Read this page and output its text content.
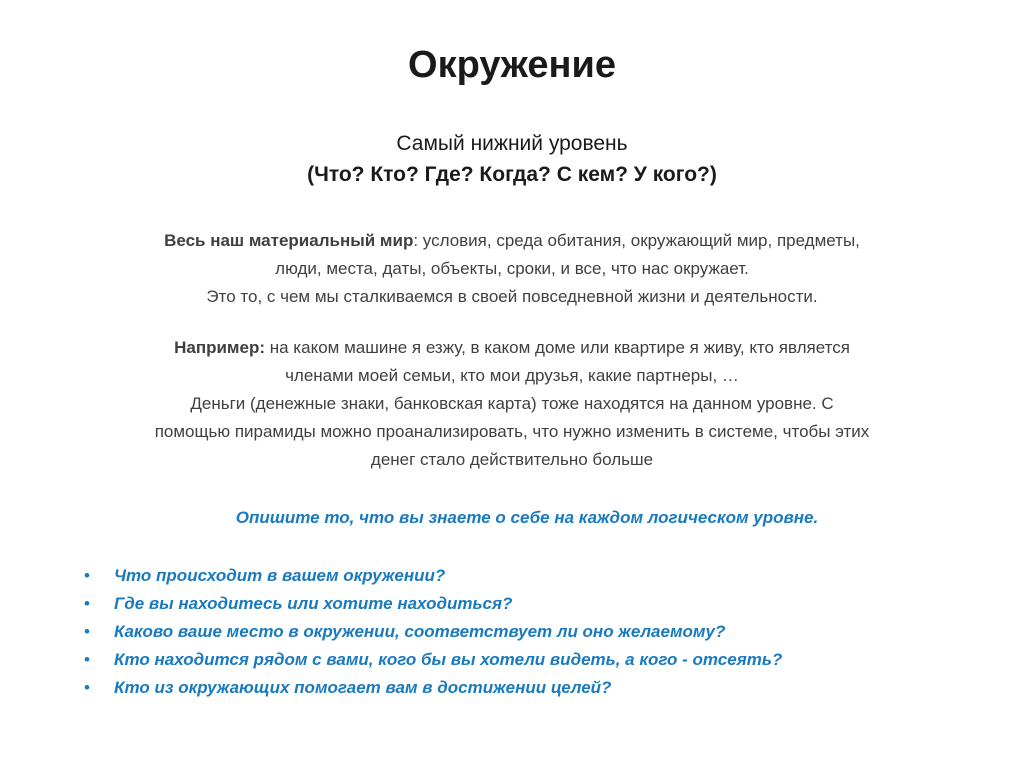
Окружение
Самый нижний уровень
(Что? Кто? Где? Когда? С кем? У кого?)
Весь наш материальный мир: условия, среда обитания, окружающий мир, предметы,
люди, места, даты, объекты, сроки, и все, что нас окружает.
Это то, с чем мы сталкиваемся в своей повседневной жизни и деятельности.
Например: на каком машине я езжу, в каком доме или квартире я живу, кто является
членами моей семьи, кто мои друзья, какие партнеры, …
Деньги (денежные знаки, банковская карта) тоже находятся на данном уровне. С
помощью пирамиды можно проанализировать, что нужно изменить в системе, чтобы этих
денег стало действительно больше
Опишите то, что вы знаете о себе на каждом логическом уровне.
• Что происходит в вашем окружении?
• Где вы находитесь или хотите находиться?
• Каково ваше место в окружении, соответствует ли оно желаемому?
• Кто находится рядом с вами, кого бы вы хотели видеть, а кого - отсеять?
• Кто из окружающих помогает вам в достижении целей?
